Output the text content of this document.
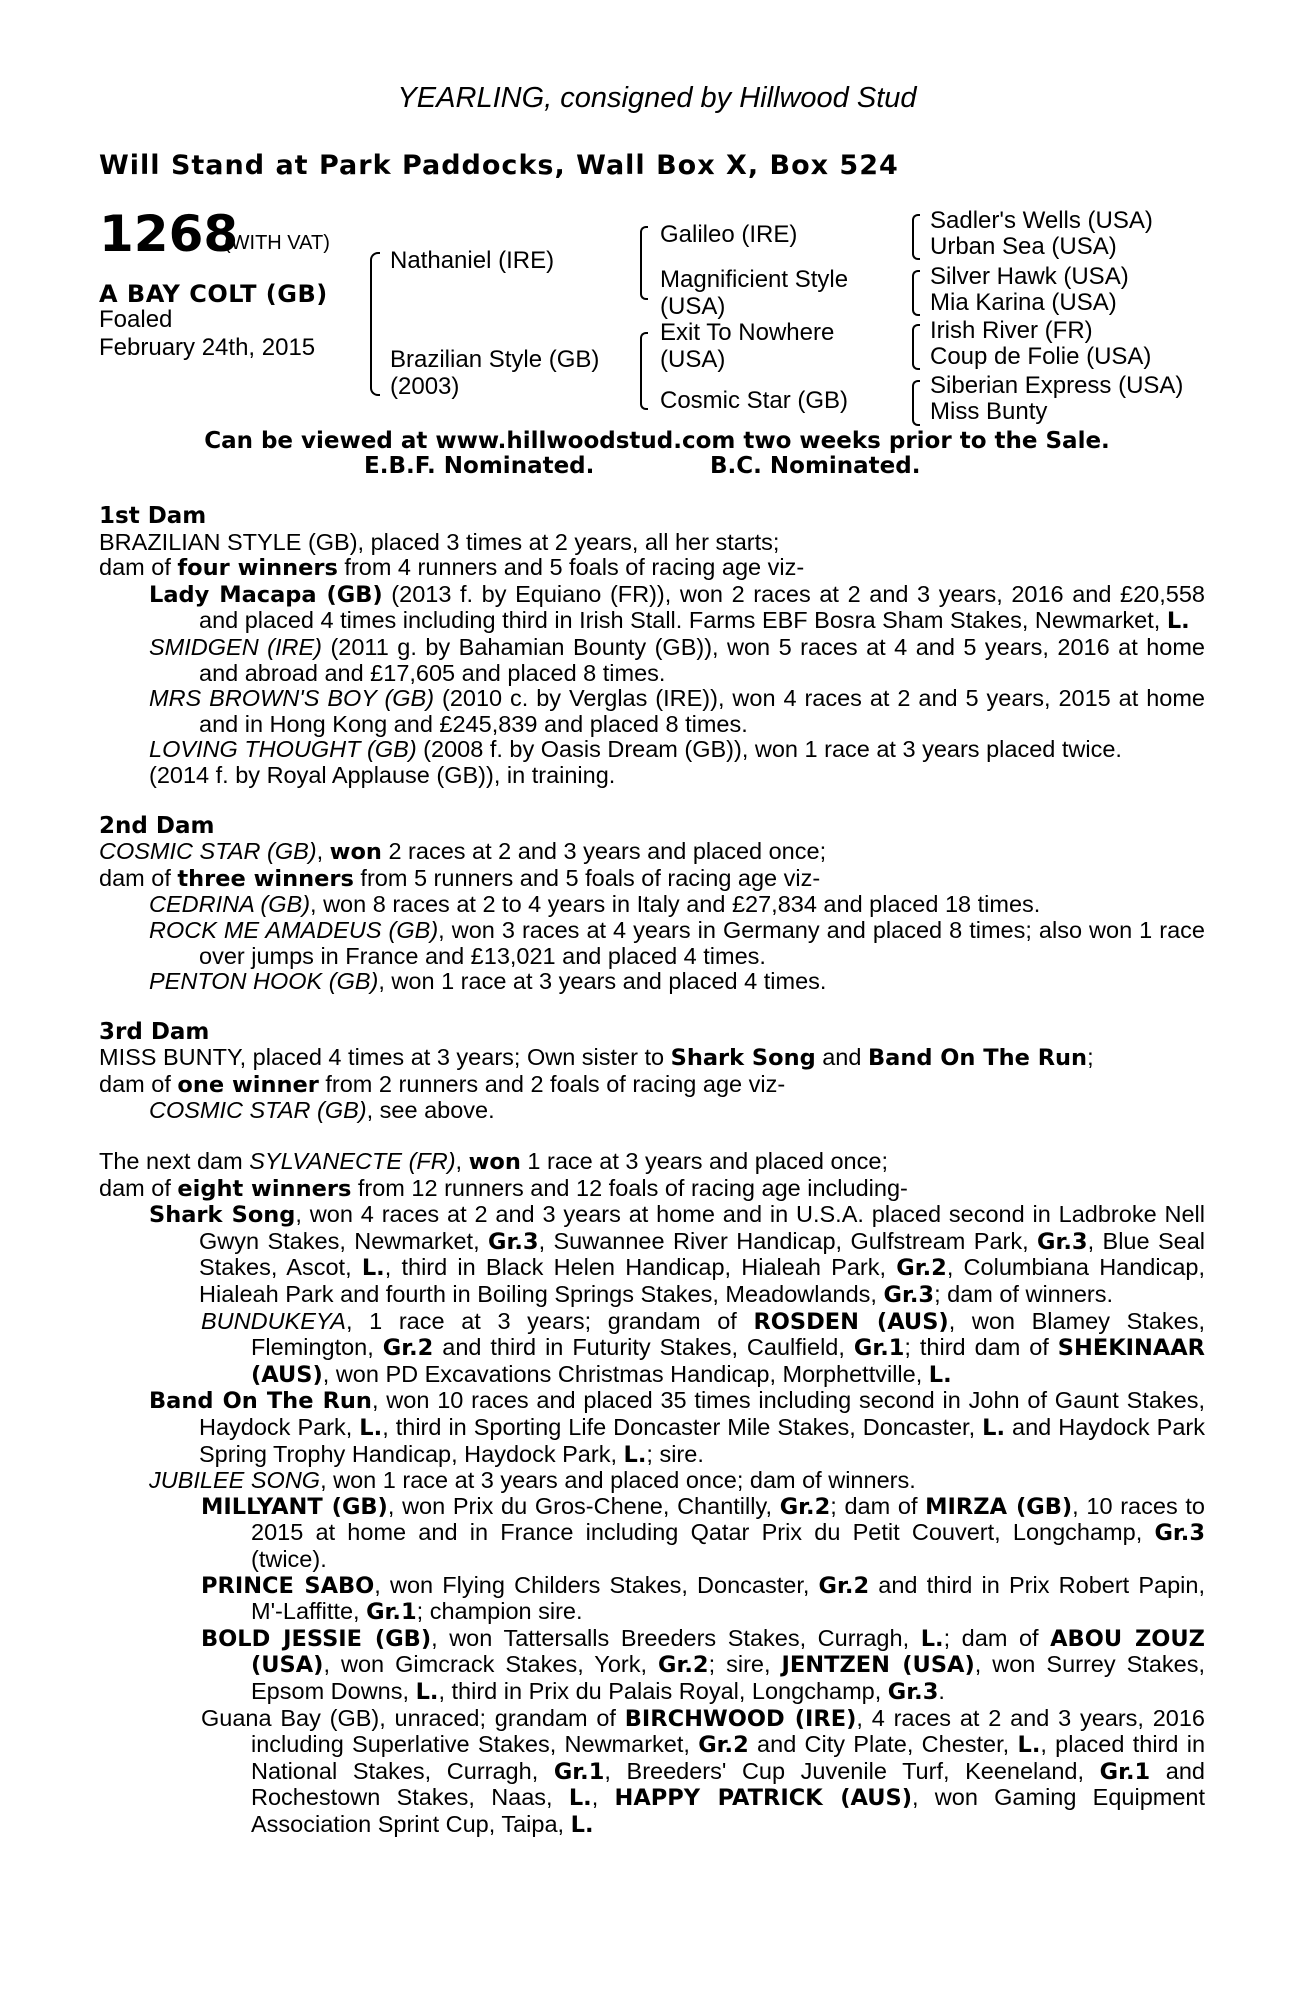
YEARLING, consigned by Hillwood Stud
Will Stand at Park Paddocks, Wall Box X, Box 524
1268
(WITH VAT)
A BAY COLT (GB)
Foaled
February 24th, 2015
Nathaniel (IRE)
Brazilian Style (GB)
(2003)
Galileo (IRE)
Magnificient Style
(USA)
Exit To Nowhere
(USA)
Cosmic Star (GB)
Sadler's Wells (USA)
Urban Sea (USA)
Silver Hawk (USA)
Mia Karina (USA)
Irish River (FR)
Coup de Folie (USA)
Siberian Express (USA)
Miss Bunty
Can be viewed at www.hillwoodstud.com two weeks prior to the Sale.
E.B.F. Nominated.	B.C. Nominated.

1st Dam

BRAZILIAN STYLE (GB), placed 3 times at 2 years, all her starts;

dam of four winners from 4 runners and 5 foals of racing age viz-

Lady Macapa (GB) (2013 f. by Equiano (FR)), won 2 races at 2 and 3 years, 2016 and £20,558 and placed 4 times including third in Irish Stall. Farms EBF Bosra Sham Stakes, Newmarket, L.

SMIDGEN (IRE) (2011 g. by Bahamian Bounty (GB)), won 5 races at 4 and 5 years, 2016 at home and abroad and £17,605 and placed 8 times.

MRS BROWN'S BOY (GB) (2010 c. by Verglas (IRE)), won 4 races at 2 and 5 years, 2015 at home and in Hong Kong and £245,839 and placed 8 times.

LOVING THOUGHT (GB) (2008 f. by Oasis Dream (GB)), won 1 race at 3 years placed twice.

(2014 f. by Royal Applause (GB)), in training.

2nd Dam

COSMIC STAR (GB), won 2 races at 2 and 3 years and placed once;

dam of three winners from 5 runners and 5 foals of racing age viz-

CEDRINA (GB), won 8 races at 2 to 4 years in Italy and £27,834 and placed 18 times.

ROCK ME AMADEUS (GB), won 3 races at 4 years in Germany and placed 8 times; also won 1 race over jumps in France and £13,021 and placed 4 times.

PENTON HOOK (GB), won 1 race at 3 years and placed 4 times.

3rd Dam

MISS BUNTY, placed 4 times at 3 years; Own sister to Shark Song and Band On The Run;

dam of one winner from 2 runners and 2 foals of racing age viz-

COSMIC STAR (GB), see above.

The next dam SYLVANECTE (FR), won 1 race at 3 years and placed once;

dam of eight winners from 12 runners and 12 foals of racing age including-

Shark Song, won 4 races at 2 and 3 years at home and in U.S.A. placed second in Ladbroke Nell Gwyn Stakes, Newmarket, Gr.3, Suwannee River Handicap, Gulfstream Park, Gr.3, Blue Seal Stakes, Ascot, L., third in Black Helen Handicap, Hialeah Park, Gr.2, Columbiana Handicap, Hialeah Park and fourth in Boiling Springs Stakes, Meadowlands, Gr.3; dam of winners.

BUNDUKEYA, 1 race at 3 years; grandam of ROSDEN (AUS), won Blamey Stakes, Flemington, Gr.2 and third in Futurity Stakes, Caulfield, Gr.1; third dam of SHEKINAAR (AUS), won PD Excavations Christmas Handicap, Morphettville, L.

Band On The Run, won 10 races and placed 35 times including second in John of Gaunt Stakes, Haydock Park, L., third in Sporting Life Doncaster Mile Stakes, Doncaster, L. and Haydock Park Spring Trophy Handicap, Haydock Park, L.; sire.

JUBILEE SONG, won 1 race at 3 years and placed once; dam of winners.

MILLYANT (GB), won Prix du Gros-Chene, Chantilly, Gr.2; dam of MIRZA (GB), 10 races to 2015 at home and in France including Qatar Prix du Petit Couvert, Longchamp, Gr.3 (twice).

PRINCE SABO, won Flying Childers Stakes, Doncaster, Gr.2 and third in Prix Robert Papin, M'-Laffitte, Gr.1; champion sire.

BOLD JESSIE (GB), won Tattersalls Breeders Stakes, Curragh, L.; dam of ABOU ZOUZ (USA), won Gimcrack Stakes, York, Gr.2; sire, JENTZEN (USA), won Surrey Stakes, Epsom Downs, L., third in Prix du Palais Royal, Longchamp, Gr.3.

Guana Bay (GB), unraced; grandam of BIRCHWOOD (IRE), 4 races at 2 and 3 years, 2016 including Superlative Stakes, Newmarket, Gr.2 and City Plate, Chester, L., placed third in National Stakes, Curragh, Gr.1, Breeders' Cup Juvenile Turf, Keeneland, Gr.1 and Rochestown Stakes, Naas, L., HAPPY PATRICK (AUS), won Gaming Equipment Association Sprint Cup, Taipa, L.
